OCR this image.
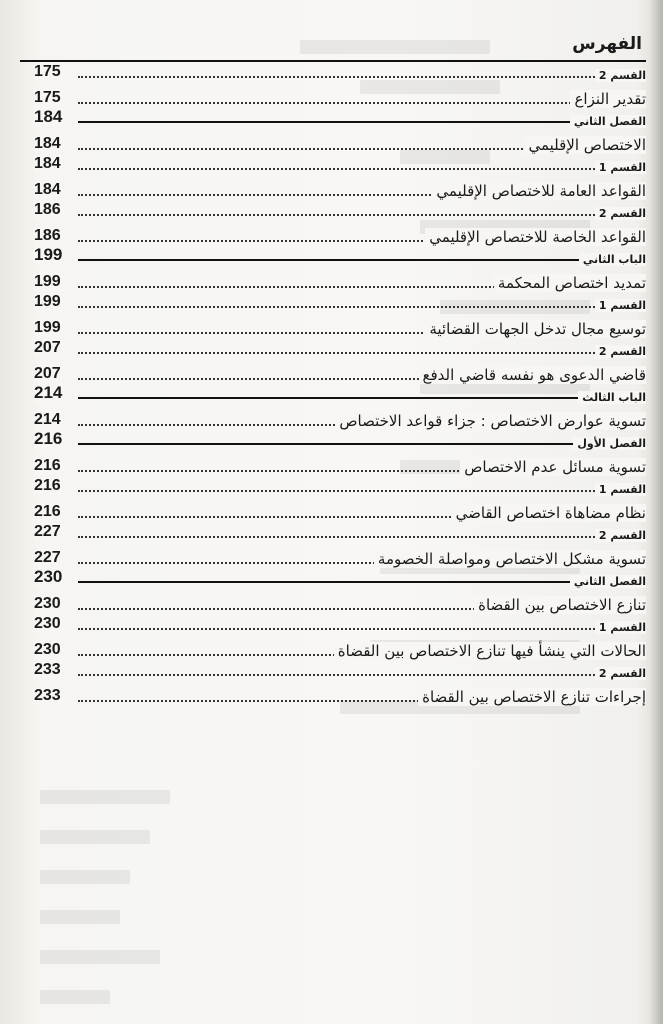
الفهرس
175	القسم 2
175	تقدير النزاع
184	الفصل الثاني
184	الاختصاص الإقليمي
184	القسم 1
184	القواعد العامة للاختصاص الإقليمي
186	القسم 2
186	القواعد الخاصة للاختصاص الإقليمي
199	الباب الثاني
199	تمديد اختصاص المحكمة
199	القسم 1
199	توسيع مجال تدخل الجهات القضائية
207	القسم 2
207	قاضي الدعوى هو نفسه قاضي الدفع
214	الباب الثالث
214	تسوية عوارض الاختصاص : جزاء قواعد الاختصاص
216	الفصل الأول
216	تسوية مسائل عدم الاختصاص
216	القسم 1
216	نظام مضاهاة اختصاص القاضي
227	القسم 2
227	تسوية مشكل الاختصاص ومواصلة الخصومة
230	الفصل الثاني
230	تنازع الاختصاص بين القضاة
230	القسم 1
230	الحالات التي ينشأ فيها تنازع الاختصاص بين القضاة
233	القسم 2
233	إجراءات تنازع الاختصاص بين القضاة
